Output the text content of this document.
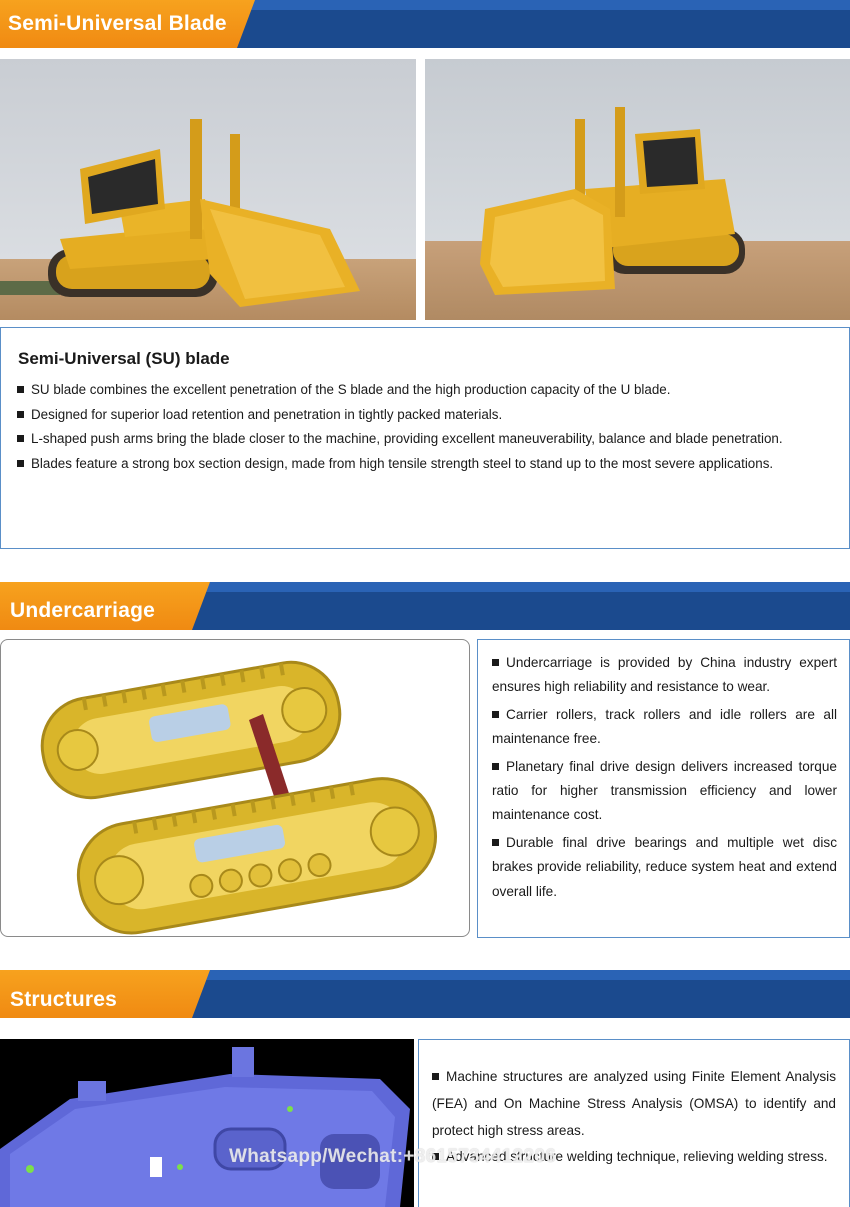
Semi-Universal Blade
Semi-Universal (SU) blade

SU blade combines the excellent penetration of the S blade and the high production capacity of the U blade.

Designed for superior load retention and penetration in tightly packed materials.

L-shaped push arms bring the blade closer to the machine, providing excellent maneuverability, balance and blade penetration.

Blades feature a strong box section design, made from high tensile strength steel to stand up to the most severe applications.

Undercarriage

Undercarriage is provided by China industry expert ensures high reliability and resistance to wear.

Carrier rollers, track rollers and idle rollers are all maintenance free.

Planetary final drive design delivers increased torque ratio for higher transmission efficiency and lower maintenance cost.

Durable final drive bearings and multiple wet disc brakes provide reliability, reduce system heat and extend overall life.

Structures

Machine structures are analyzed using Finite Element Analysis (FEA) and On Machine Stress Analysis (OMSA) to identify and protect high stress areas.

Advanced structure welding technique, relieving welding stress.

Whatsapp/Wechat:+8615734412206
